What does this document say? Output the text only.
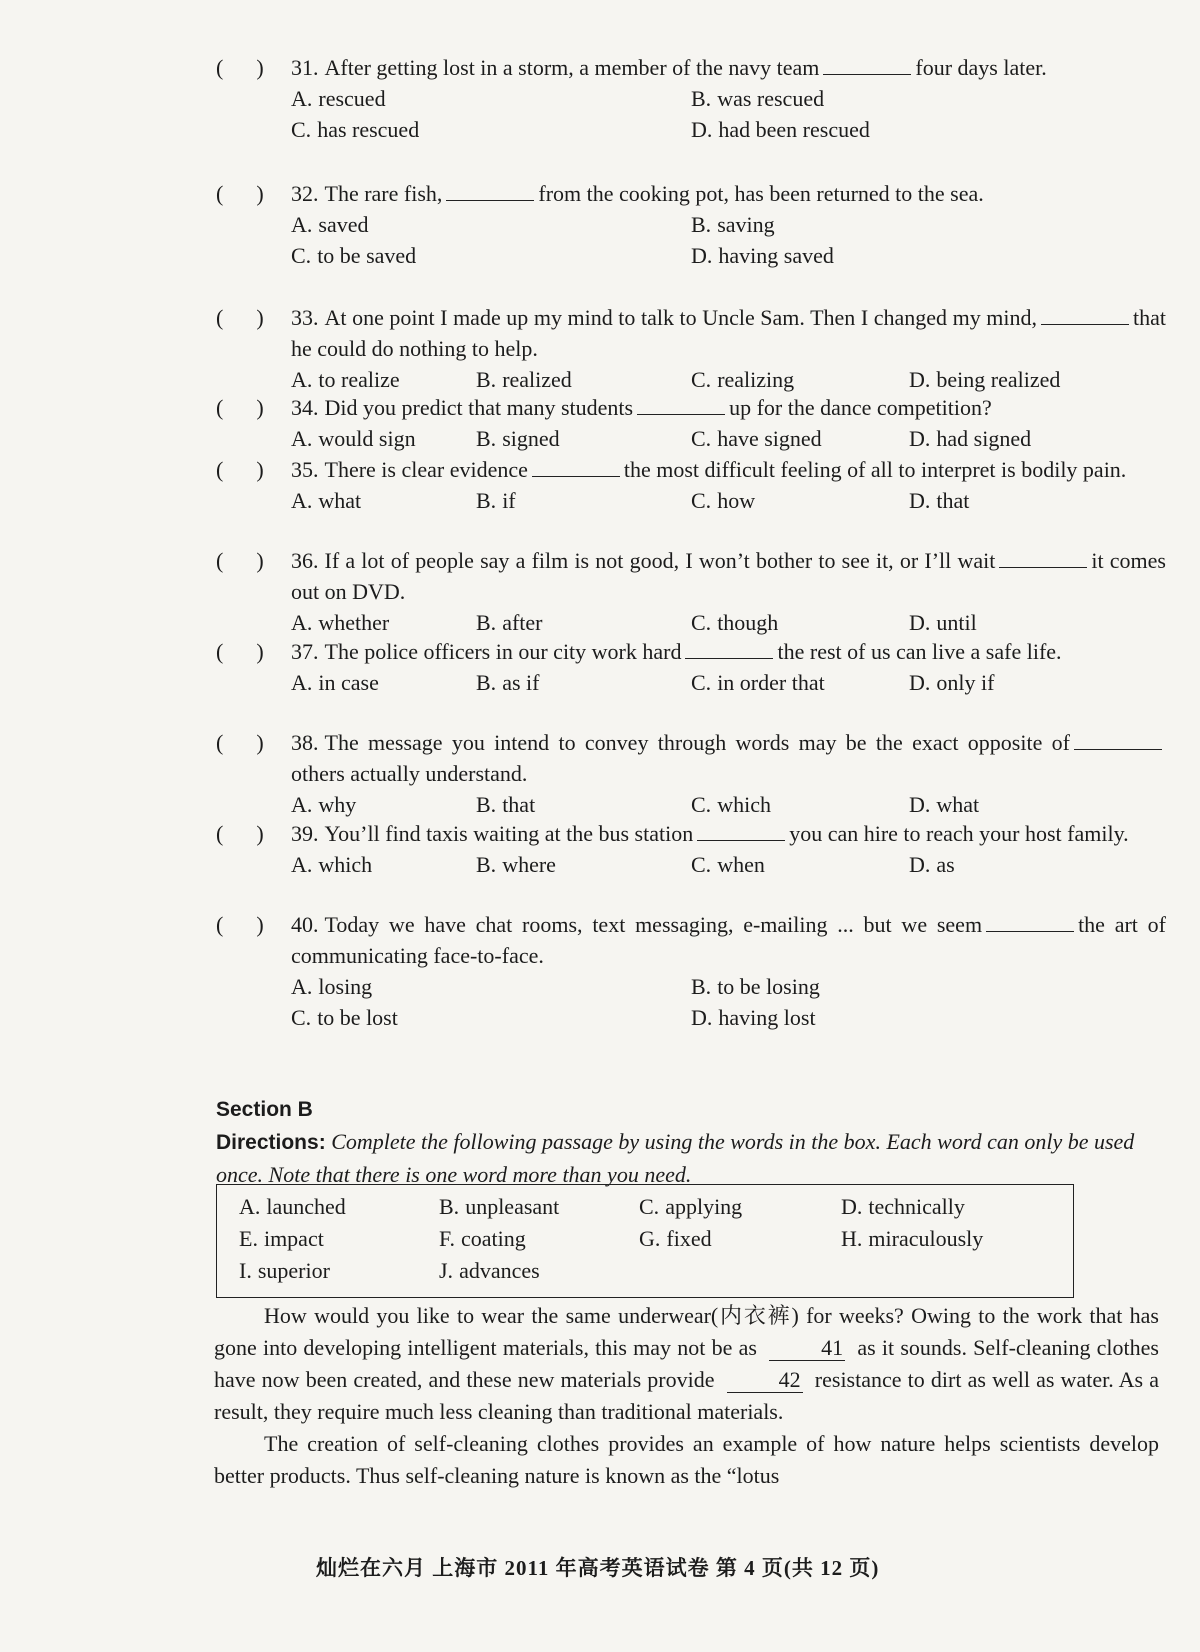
(      )	31. After getting lost in a storm, a member of the navy team	four days later.
A. rescued	B. was rescued
C. has rescued	D. had been rescued
(      )	32. The rare fish,	from the cooking pot, has been returned to the sea.
A. saved	B. saving
C. to be saved	D. having saved
(      )	33. At one point I made up my mind to talk to Uncle Sam. Then I changed my mind,	that he could do nothing to help.
A. to realize	B. realized	C. realizing	D. being realized
(      )	34. Did you predict that many students	up for the dance competition?
A. would sign	B. signed	C. have signed	D. had signed
(      )	35. There is clear evidence	the most difficult feeling of all to interpret is bodily pain.
A. what	B. if	C. how	D. that
(      )	36. If a lot of people say a film is not good, I won’t bother to see it, or I’ll wait	it comes out on DVD.
A. whether	B. after	C. though	D. until
(      )	37. The police officers in our city work hard	the rest of us can live a safe life.
A. in case	B. as if	C. in order that	D. only if
(      )	38. The message you intend to convey through words may be the exact opposite ofothers actually understand.
A. why	B. that	C. which	D. what
(      )	39. You’ll find taxis waiting at the bus station	you can hire to reach your host family.
A. which	B. where	C. when	D. as
(      )	40. Today we have chat rooms, text messaging, e-mailing ... but we seem	the art of communicating face-to-face.
A. losing	B. to be losing
C. to be lost	D. having lost
Section B
Directions: Complete the following passage by using the words in the box. Each word can only be used once. Note that there is one word more than you need.
A. launched	B. unpleasant	C. applying	D. technically
E. impact	F. coating	G. fixed	H. miraculously
I. superior	J. advances

How would you like to wear the same underwear(内衣裤) for weeks? Owing to the work that has gone into developing intelligent materials, this may not be as	41 as it sounds. Self-cleaning clothes have now been created, and these new materials provide	42 resistance to dirt as well as water. As a result, they require much less cleaning than traditional materials.

The creation of self-cleaning clothes provides an example of how nature helps scientists develop better products. Thus self-cleaning nature is known as the “lotus

灿烂在六月 上海市 2011 年高考英语试卷 第 4 页(共 12 页)
